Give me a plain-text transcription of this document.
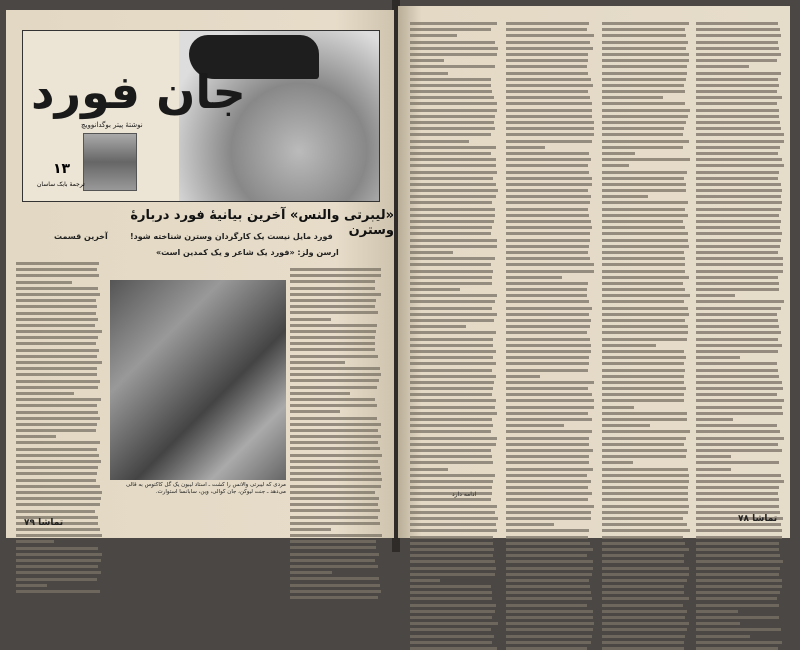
جان فورد
نوشتهٔ پیتر بوگدانوویچ
۱۳
ترجمهٔ بابک ساسان
«لیبرتی والنس» آخرین بیانیهٔ فورد دربارهٔ وسترن
آخرین قسمت	فورد مایل نیست یک کارگردان وسترن شناخته شود!
ارسن ولز: «فورد یک شاعر و یک کمدین است»
مردی که لیبرتی والانس را کشت ـ استاد لیبون یک گل کاکتوس به قالی می‌دهد ـ جنت لیوکن، جان کوالی، وین، سابانسا استوارت.
تماشا ۷۹
ادامه دارد
تماشا ۷۸
